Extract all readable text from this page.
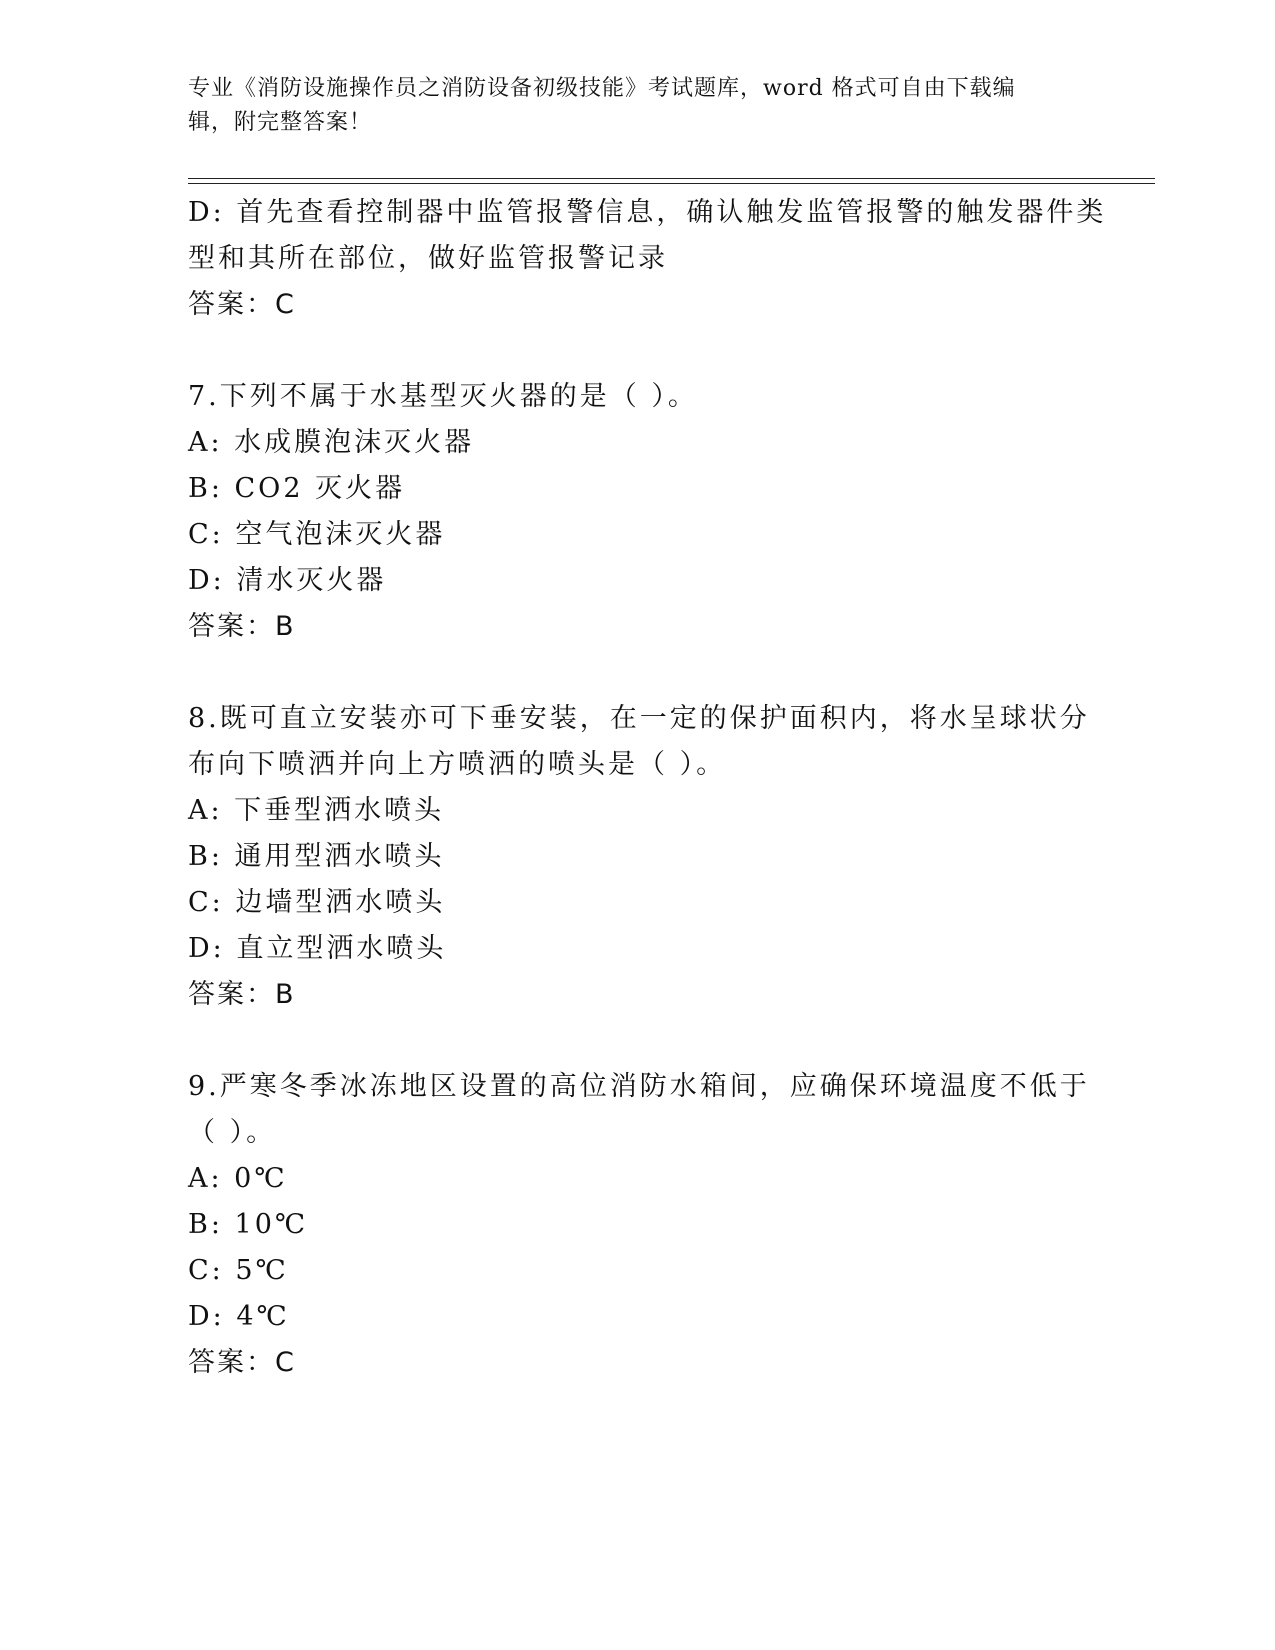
专业《消防设施操作员之消防设备初级技能》考试题库，word 格式可自由下载编
辑，附完整答案！
D: 首先查看控制器中监管报警信息，确认触发监管报警的触发器件类
型和其所在部位，做好监管报警记录
答案：C
7.下列不属于水基型灭火器的是（ ）。
A: 水成膜泡沫灭火器
B: CO2 灭火器
C: 空气泡沫灭火器
D: 清水灭火器
答案：B
8.既可直立安装亦可下垂安装，在一定的保护面积内，将水呈球状分
布向下喷洒并向上方喷洒的喷头是（ ）。
A: 下垂型洒水喷头
B: 通用型洒水喷头
C: 边墙型洒水喷头
D: 直立型洒水喷头
答案：B
9.严寒冬季冰冻地区设置的高位消防水箱间，应确保环境温度不低于
（ ）。
A: 0℃
B: 10℃
C: 5℃
D: 4℃
答案：C
